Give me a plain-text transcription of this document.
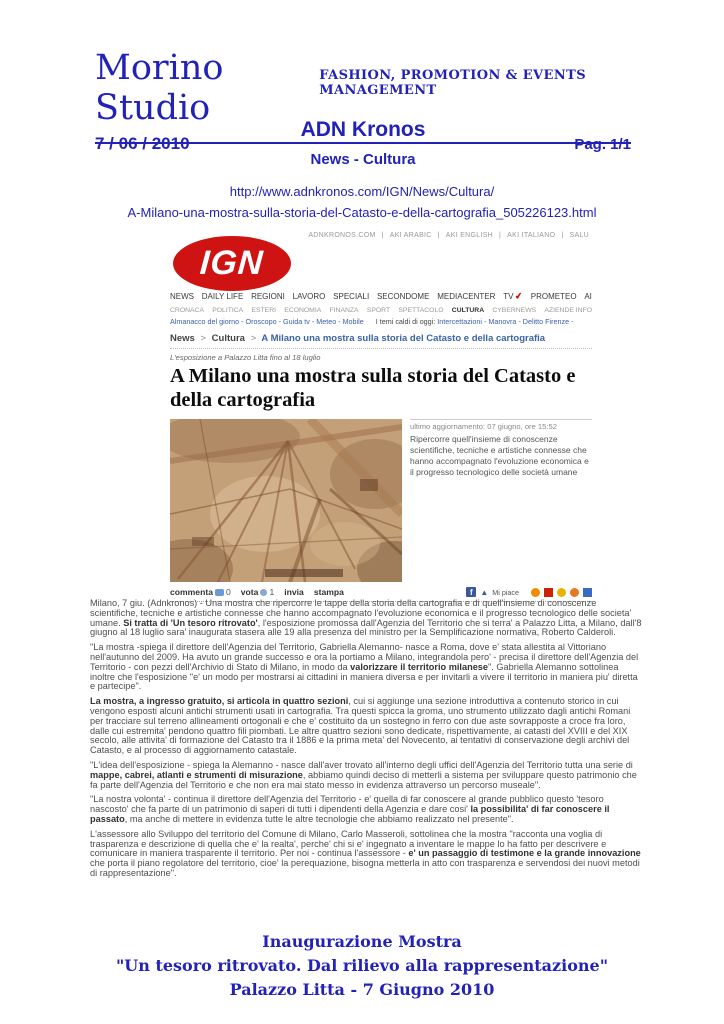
Morino Studio
FASHION, PROMOTION & EVENTS MANAGEMENT
7 / 06 / 2010
ADN Kronos
News - Cultura
Pag. 1/1
http://www.adnkronos.com/IGN/News/Cultura/
A-Milano-una-mostra-sulla-storia-del-Catasto-e-della-cartografia_505226123.html
ADNKRONOS.COM | AKI ARABIC | AKI ENGLISH | AKI ITALIANO | SALU
IGN
NEWS DAILY LIFE REGIONI LAVORO SPECIALI SECONDOME MEDIACENTER TV ✔ PROMETEO AI
CRONACA POLITICA ESTERI ECONOMIA FINANZA SPORT SPETTACOLO CULTURA CYBERNEWS AZIENDE INFO
Almanacco del giorno - Oroscopo - Guida tv - Meteo - Mobile I temi caldi di oggi: Intercettazioni - Manovra - Delitto Firenze -
News > Cultura > A Milano una mostra sulla storia del Catasto e della cartografia
L'esposizione a Palazzo Litta fino al 18 luglio
A Milano una mostra sulla storia del Catasto e della cartografia
ultimo aggiornamento: 07 giugno, ore 15:52
Ripercorre quell'insieme di conoscenze scientifiche, tecniche e artistiche connesse che hanno accompagnato l'evoluzione economica e il progresso tecnologico delle società umane
commenta 0 vota 1 invia stampa	f ▲ Mi piace

Milano, 7 giu. (Adnkronos) - Una mostra che ripercorre le tappe della storia della cartografia e di quell'insieme di conoscenze scientifiche, tecniche e artistiche connesse che hanno accompagnato l'evoluzione economica e il progresso tecnologico delle societa' umane. Si tratta di 'Un tesoro ritrovato', l'esposizione promossa dall'Agenzia del Territorio che si terra' a Palazzo Litta, a Milano, dall'8 giugno al 18 luglio sara' inaugurata stasera alle 19 alla presenza del ministro per la Semplificazione normativa, Roberto Calderoli.

"La mostra -spiega il direttore dell'Agenzia del Territorio, Gabriella Alemanno- nasce a Roma, dove e' stata allestita al Vittoriano nell'autunno del 2009. Ha avuto un grande successo e ora la portiamo a Milano, integrandola pero' - precisa il direttore dell'Agenzia del Territorio - con pezzi dell'Archivio di Stato di Milano, in modo da valorizzare il territorio milanese". Gabriella Alemanno sottolinea inoltre che l'esposizione "e' un modo per mostrarsi ai cittadini in maniera diversa e per invitarli a vivere il territorio in maniera piu' diretta e partecipe".

La mostra, a ingresso gratuito, si articola in quattro sezioni, cui si aggiunge una sezione introduttiva a contenuto storico in cui vengono esposti alcuni antichi strumenti usati in cartografia. Tra questi spicca la groma, uno strumento utilizzato dagli antichi Romani per tracciare sul terreno allineamenti ortogonali e che e' costituito da un sostegno in ferro con due aste sovrapposte a croce fra loro, dalle cui estremita' pendono quattro fili piombati. Le altre quattro sezioni sono dedicate, rispettivamente, ai catasti del XVIII e del XIX secolo, alle attivita' di formazione del Catasto tra il 1886 e la prima meta' del Novecento, ai tentativi di conservazione degli archivi del Catasto, e al processo di aggiornamento catastale.

"L'idea dell'esposizione - spiega la Alemanno - nasce dall'aver trovato all'interno degli uffici dell'Agenzia del Territorio tutta una serie di mappe, cabrei, atlanti e strumenti di misurazione, abbiamo quindi deciso di metterli a sistema per sviluppare questo patrimonio che fa parte dell'Agenzia del Territorio e che non era mai stato messo in evidenza attraverso un percorso museale".

"La nostra volonta' - continua il direttore dell'Agenzia del Territorio - e' quella di far conoscere al grande pubblico questo 'tesoro nascosto' che fa parte di un patrimonio di saperi di tutti i dipendenti della Agenzia e dare cosi' la possibilita' di far conoscere il passato, ma anche di mettere in evidenza tutte le altre tecnologie che abbiamo realizzato nel presente".

L'assessore allo Sviluppo del territorio del Comune di Milano, Carlo Masseroli, sottolinea che la mostra "racconta una voglia di trasparenza e descrizione di quella che e' la realta', perche' chi si e' ingegnato a inventare le mappe lo ha fatto per descrivere e comunicare in maniera trasparente il territorio. Per noi - continua l'assessore - e' un passaggio di testimone e la grande innovazione che porta il piano regolatore del territorio, cioe' la perequazione, bisogna metterla in atto con trasparenza e servendosi dei nuovi metodi di rappresentazione".

Inaugurazione Mostra
"Un tesoro ritrovato. Dal rilievo alla rappresentazione"
Palazzo Litta - 7 Giugno 2010
